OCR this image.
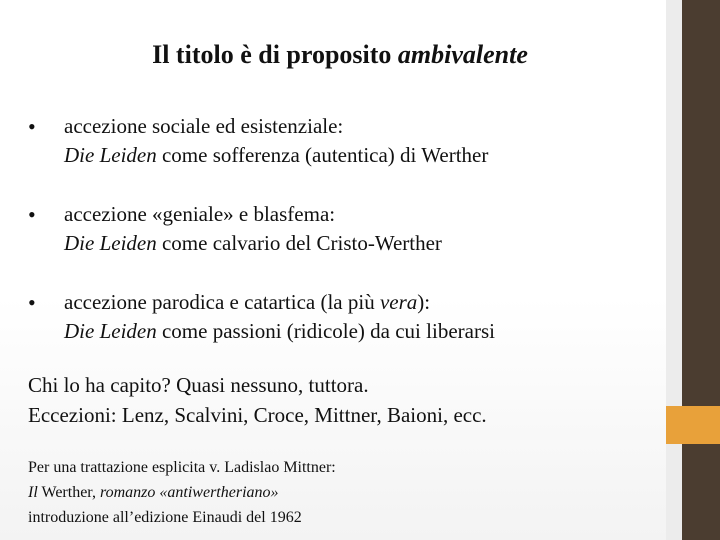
Il titolo è di proposito ambivalente
• accezione sociale ed esistenziale:
Die Leiden come sofferenza (autentica) di Werther
• accezione «geniale» e blasfema:
Die Leiden come calvario del Cristo-Werther
• accezione parodica e catartica (la più vera):
Die Leiden come passioni (ridicole) da cui liberarsi
Chi lo ha capito? Quasi nessuno, tuttora.
Eccezioni: Lenz, Scalvini, Croce, Mittner, Baioni, ecc.
Per una trattazione esplicita v. Ladislao Mittner:
Il Werther, romanzo «antiwertheriano»
introduzione all’edizione Einaudi del 1962
